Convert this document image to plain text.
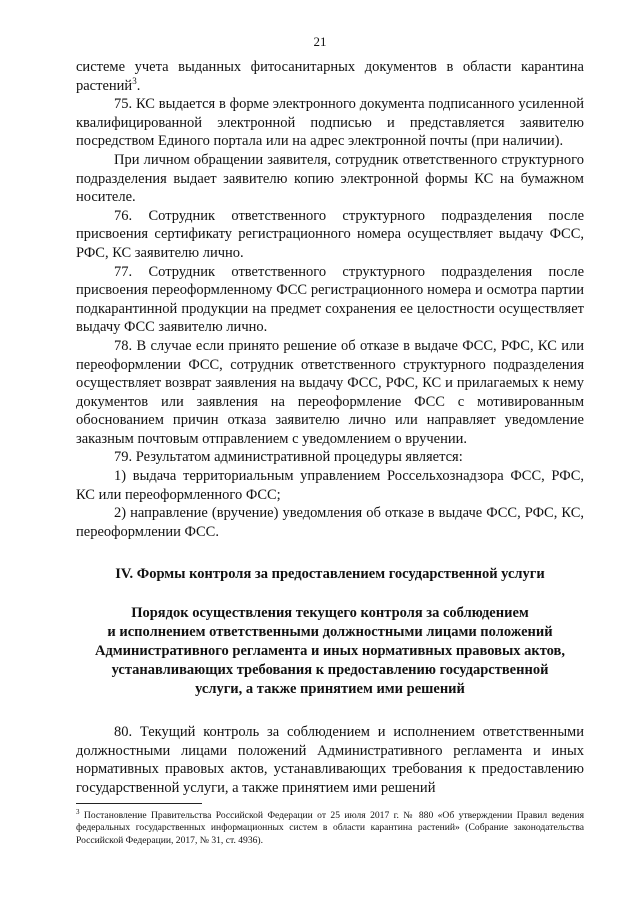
21

системе учета выданных фитосанитарных документов в области карантина растений$^3$.

75. КС выдается в форме электронного документа подписанного усиленной квалифицированной электронной подписью и представляется заявителю посредством Единого портала или на адрес электронной почты (при наличии).

При личном обращении заявителя, сотрудник ответственного структурного подразделения выдает заявителю копию электронной формы КС на бумажном носителе.

76. Сотрудник ответственного структурного подразделения после присвоения сертификату регистрационного номера осуществляет выдачу ФСС, РФС, КС заявителю лично.

77. Сотрудник ответственного структурного подразделения после присвоения переоформленному ФСС регистрационного номера и осмотра партии подкарантинной продукции на предмет сохранения ее целостности осуществляет выдачу ФСС заявителю лично.

78. В случае если принято решение об отказе в выдаче ФСС, РФС, КС или переоформлении ФСС, сотрудник ответственного структурного подразделения осуществляет возврат заявления на выдачу ФСС, РФС, КС и прилагаемых к нему документов или заявления на переоформление ФСС с мотивированным обоснованием причин отказа заявителю лично или направляет уведомление заказным почтовым отправлением с уведомлением о вручении.

79. Результатом административной процедуры является:

1) выдача территориальным управлением Россельхознадзора ФСС, РФС, КС или переоформленного ФСС;

2) направление (вручение) уведомления об отказе в выдаче ФСС, РФС, КС, переоформлении ФСС.

IV. Формы контроля за предоставлением государственной услуги
Порядок осуществления текущего контроля за соблюдением
и исполнением ответственными должностными лицами положений
Административного регламента и иных нормативных правовых актов,
устанавливающих требования к предоставлению государственной
услуги, а также принятием ими решений

80. Текущий контроль за соблюдением и исполнением ответственными должностными лицами положений Административного регламента и иных нормативных правовых актов, устанавливающих требования к предоставлению государственной услуги, а также принятием ими решений

$^3$ Постановление Правительства Российской Федерации от 25 июля 2017 г. № 880 «Об утверждении Правил ведения федеральных государственных информационных систем в области карантина растений» (Собрание законодательства Российской Федерации, 2017, № 31, ст. 4936).
